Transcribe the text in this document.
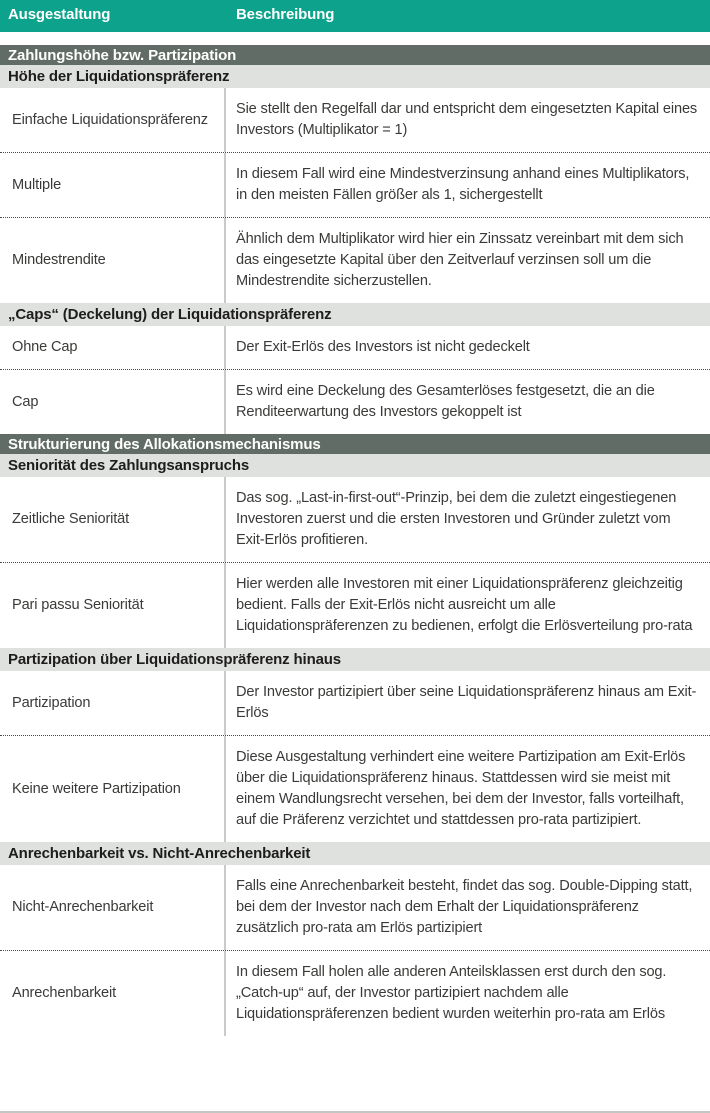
Ausgestaltung	Beschreibung
Zahlungshöhe bzw. Partizipation
Höhe der Liquidationspräferenz
Einfache Liquidationspräferenz
Sie stellt den Regelfall dar und entspricht dem eingesetzten Kapital eines Investors (Multiplikator = 1)
Multiple
In diesem Fall wird eine Mindestverzinsung anhand eines Multiplikators, in den meisten Fällen größer als 1, sichergestellt
Mindestrendite
Ähnlich dem Multiplikator wird hier ein Zinssatz vereinbart mit dem sich das eingesetzte Kapital über den Zeitverlauf verzinsen soll um die Mindestrendite sicherzustellen.
„Caps“ (Deckelung) der Liquidationspräferenz
Ohne Cap	Der Exit-Erlös des Investors ist nicht gedeckelt
Cap
Es wird eine Deckelung des Gesamterlöses festgesetzt, die an die Renditeerwartung des Investors gekoppelt ist
Strukturierung des Allokationsmechanismus
Seniorität des Zahlungsanspruchs
Zeitliche Seniorität
Das sog. „Last-in-first-out“-Prinzip, bei dem die zuletzt eingestiegenen Investoren zuerst und die ersten Investoren und Gründer zuletzt vom Exit-Erlös profitieren.
Pari passu Seniorität
Hier werden alle Investoren mit einer Liquidationspräferenz gleichzeitig bedient. Falls der Exit-Erlös nicht ausreicht um alle Liquidationspräferenzen zu bedienen, erfolgt die Erlösverteilung pro-rata
Partizipation über Liquidationspräferenz hinaus
Partizipation
Der Investor partizipiert über seine Liquidationspräferenz hinaus am Exit-Erlös
Keine weitere Partizipation
Diese Ausgestaltung verhindert eine weitere Partizipation am Exit-Erlös über die Liquidationspräferenz hinaus. Stattdessen wird sie meist mit einem Wandlungsrecht versehen, bei dem der Investor, falls vorteilhaft, auf die Präferenz verzichtet und stattdessen pro-rata partizipiert.
Anrechenbarkeit vs. Nicht-Anrechenbarkeit
Nicht-Anrechenbarkeit
Falls eine Anrechenbarkeit besteht, findet das sog. Double-Dipping statt, bei dem der Investor nach dem Erhalt der Liquidationspräferenz zusätzlich pro-rata am Erlös partizipiert
Anrechenbarkeit
In diesem Fall holen alle anderen Anteilsklassen erst durch den sog. „Catch-up“ auf, der Investor partizipiert nachdem alle Liquidationspräferenzen bedient wurden weiterhin pro-rata am Erlös
